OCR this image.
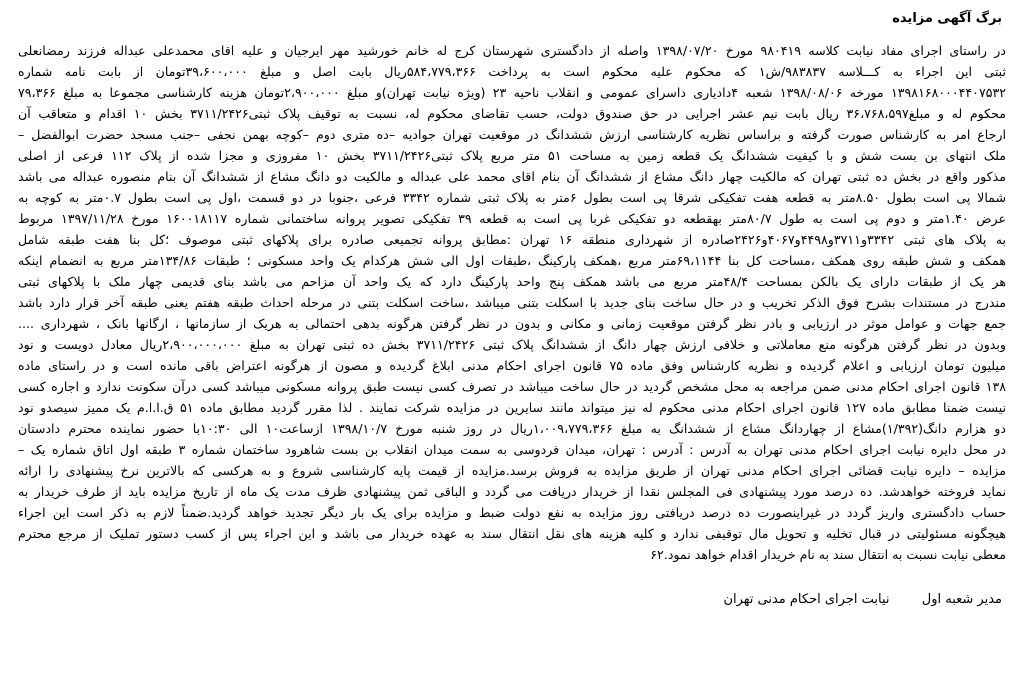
برگ آگهی مزایده
در راستای اجرای مفاد نیابت کلاسه ۹۸۰۴۱۹ مورخ ۱۳۹۸/۰۷/۲۰ واصله از دادگستری شهرستان کرج له خانم خورشید مهر ایرجیان و علیه اقای محمدعلی عبداله فرزند رمضانعلی
ثبتی این اجراء به کـــلاسه ۹۸۳۸۳۷/ش۱ که محکوم علیه محکوم است به پرداخت ۵۸۴،۷۷۹،۳۶۶ریال بابت اصل و مبلغ ۳۹،۶۰۰،۰۰۰تومان از بابت نامه شماره
۱۳۹۸۱۶۸۰۰۰۴۴۰۷۵۳۲ مورخه ۱۳۹۸/۰۸/۰۶ شعبه ۴دادیاری داسرای عمومی و انقلاب ناحیه ۲۳ (ویژه نیابت تهران)و مبلغ ۲،۹۰۰،۰۰۰تومان هزینه کارشناسی مجموعا به مبلغ ۷۹،۳۶۶
محکوم له و مبلغ۳۶،۷۶۸،۵۹۷ ریال بابت نیم عشر اجرایی در حق صندوق دولت، حسب تقاضای محکوم له، نسبت به توقیف پلاک ثبتی۳۷۱۱/۲۴۲۶ بخش ۱۰ اقدام و متعاقب آن
ارجاع امر به کارشناس صورت گرفته و براساس نظریه کارشناسی ارزش ششدانگ در موقعیت تهران جوادیه –ده متری دوم –کوچه بهمن نجفی –جنب مسجد حضرت ابوالفضل –
ملک انتهای بن بست شش و با کیفیت ششدانگ یک قطعه زمین به مساحت ۵۱ متر مربع پلاک ثبتی۳۷۱۱/۲۴۲۶ بخش ۱۰ مفروزی و مجزا شده از پلاک ۱۱۲ فرعی از اصلی
مذکور واقع در بخش ده ثبتی تهران که مالکیت چهار دانگ مشاع از ششدانگ آن بنام اقای محمد علی عبداله و مالکیت دو دانگ مشاع از ششدانگ آن بنام منصوره عبداله می باشد
شمالا پی است بطول ۸.۵۰متر به قطعه هفت تفکیکی شرقا پی است بطول ۶متر به پلاک ثبتی شماره ۳۳۴۲ فرعی ،جنوبا در دو قسمت ،اول پی است بطول ۰.۷متر به کوچه به
عرض ۱.۴۰متر و دوم پی است به طول ۸۰/۷متر بهقطعه دو تفکیکی غربا پی است به قطعه ۳۹ تفکیکی تصویر پروانه ساختمانی شماره ۱۶۰۰۱۸۱۱۷ مورخ ۱۳۹۷/۱۱/۲۸ مربوط
به پلاک های ثبتی ۳۳۴۲و۳۷۱۱و۴۴۹۸و۴۰۶۷و۲۴۲۶صادره از شهرداری منطقه ۱۶ تهران :مطابق پروانه تجمیعی صادره برای پلاکهای ثبتی موصوف ؛کل بنا هفت طبقه شامل
همکف و شش طبقه روی همکف ،مساحت کل بنا ۶۹،۱۱۴۴متر مربع ،همکف پارکینگ ،طبقات اول الی شش هرکدام یک واحد مسکونی ؛ طبقات ۱۳۴/۸۶متر مربع به انضمام اینکه
هر یک از طبقات دارای یک بالکن بمساحت ۴۸/۴متر مربع می باشد همکف پنج واحد پارکینگ دارد که یک واحد آن مزاحم می باشد بنای قدیمی چهار ملک با پلاکهای ثبتی
مندرج در مستندات بشرح فوق الذکر تخریب و در حال ساخت بنای جدید با اسکلت بتنی میباشد ،ساخت اسکلت بتنی در مرحله احداث طبقه هفتم یعنی طبقه آخر قرار دارد باشد
جمع جهات و عوامل موثر در ارزیابی و بادر نظر گرفتن موقعیت زمانی و مکانی و بدون در نظر گرفتن هرگونه بدهی احتمالی به هریک از سازمانها ، ارگانها بانک ، شهرداری ....
وبدون در نظر گرفتن هرگونه منع معاملاتی و خلافی ارزش چهار دانگ از ششدانگ پلاک ثبتی ۳۷۱۱/۲۴۲۶ بخش ده ثبتی تهران به مبلغ ۲،۹۰۰،۰۰۰،۰۰۰ریال معادل دویست و نود
میلیون تومان ارزیابی و اعلام گردیده و نظریه کارشناس وفق ماده ۷۵ قانون اجرای احکام مدنی ابلاغ گردیده و مصون از هرگونه اعتراض باقی مانده است و در راستای ماده
۱۳۸ قانون اجرای احکام مدنی ضمن مراجعه به محل مشخص گردید در حال ساخت میباشد در تصرف کسی نیست طبق پروانه مسکونی میباشد کسی درآن سکونت ندارد و اجاره کسی
نیست ضمنا مطابق ماده ۱۲۷ قانون اجرای احکام مدنی محکوم له نیز میتواند مانند سایرین در مزایده شرکت نمایند . لذا مقرر گردید مطابق ماده ۵۱ ق.ا.ا.م یک ممیز سیصدو نود
دو هزارم دانگ(۱/۳۹۲)مشاع از چهاردانگ مشاع از ششدانگ به مبلغ ۱،۰۰۹،۷۷۹،۳۶۶ریال در روز شنبه مورخ ۱۳۹۸/۱۰/۷ ازساعت۱۰ الی ۱۰:۳۰با حضور نماینده محترم دادستان
در محل دایره نیابت اجرای احکام مدنی تهران به آدرس : آدرس : تهران، میدان فردوسی به سمت میدان انقلاب بن بست شاهرود ساختمان شماره ۳ طبقه اول اتاق شماره یک –
مزایده – دایره نیابت قضائی اجرای احکام مدنی تهران از طریق مزایده به فروش برسد.مزایده از قیمت پایه کارشناسی شروع و به هرکسی که بالاترین نرخ پیشنهادی را ارائه
نماید فروخته خواهدشد. ده درصد مورد پیشنهادی فی المجلس نقدا از خریدار دریافت می گردد و الباقی ثمن پیشنهادی ظرف مدت یک ماه از تاریخ مزایده باید از طرف خریدار به
حساب دادگستری واریز گردد در غیراینصورت ده درصد دریافتی روز مزایده به نفع دولت ضبط و مزایده برای یک بار دیگر تجدید خواهد گردید.ضمناً لازم به ذکر است این اجراء
هیچگونه مسئولیتی در قبال تخلیه و تحویل مال توقیفی ندارد و کلیه هزینه های نقل انتقال سند به عهده خریدار می باشد و این اجراء پس از کسب دستور تملیک از مرجع محترم
معطی نیابت نسبت به انتقال سند به نام خریدار اقدام خواهد نمود.۶۲
مدیر شعبه اول  نیابت اجرای احکام مدنی تهران
